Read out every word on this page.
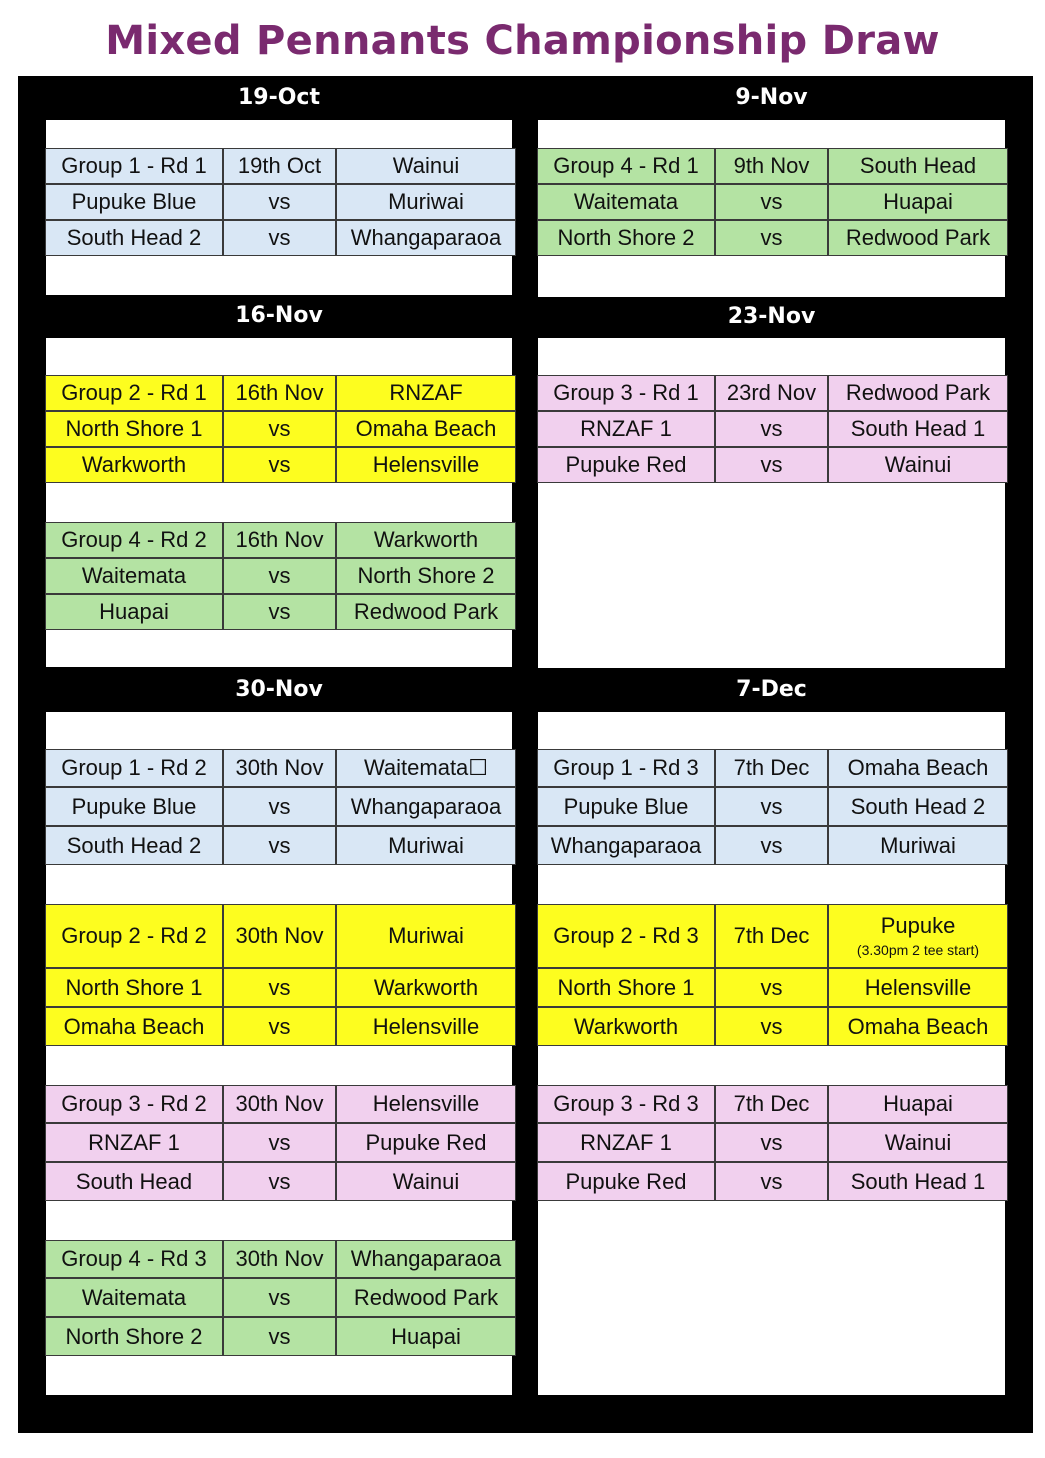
Mixed Pennants Championship Draw
19-Oct	9-Nov
16-Nov	23-Nov
30-Nov	7-Dec
Group 1 - Rd 1	19th Oct	Wainui
Pupuke Blue	vs	Muriwai
South Head 2	vs	Whangaparaoa
Group 4 - Rd 1	9th Nov	South Head
Waitemata	vs	Huapai
North Shore 2	vs	Redwood Park
Group 2 - Rd 1	16th Nov	RNZAF
North Shore 1	vs	Omaha Beach
Warkworth	vs	Helensville
Group 4 - Rd 2	16th Nov	Warkworth
Waitemata	vs	North Shore 2
Huapai	vs	Redwood Park
Group 3 - Rd 1	23rd Nov	Redwood Park
RNZAF 1	vs	South Head 1
Pupuke Red	vs	Wainui
Group 1 - Rd 2	30th Nov	Waitemata☐
Pupuke Blue	vs	Whangaparaoa
South Head 2	vs	Muriwai
Group 2 - Rd 2	30th Nov	Muriwai
North Shore 1	vs	Warkworth
Omaha Beach	vs	Helensville
Group 3 - Rd 2	30th Nov	Helensville
RNZAF 1	vs	Pupuke Red
South Head	vs	Wainui
Group 4 - Rd 3	30th Nov	Whangaparaoa
Waitemata	vs	Redwood Park
North Shore 2	vs	Huapai
Group 1 - Rd 3	7th Dec	Omaha Beach
Pupuke Blue	vs	South Head 2
Whangaparaoa	vs	Muriwai
Group 2 - Rd 3	7th Dec	Pupuke
(3.30pm 2 tee start)
North Shore 1	vs	Helensville
Warkworth	vs	Omaha Beach
Group 3 - Rd 3	7th Dec	Huapai
RNZAF 1	vs	Wainui
Pupuke Red	vs	South Head 1
